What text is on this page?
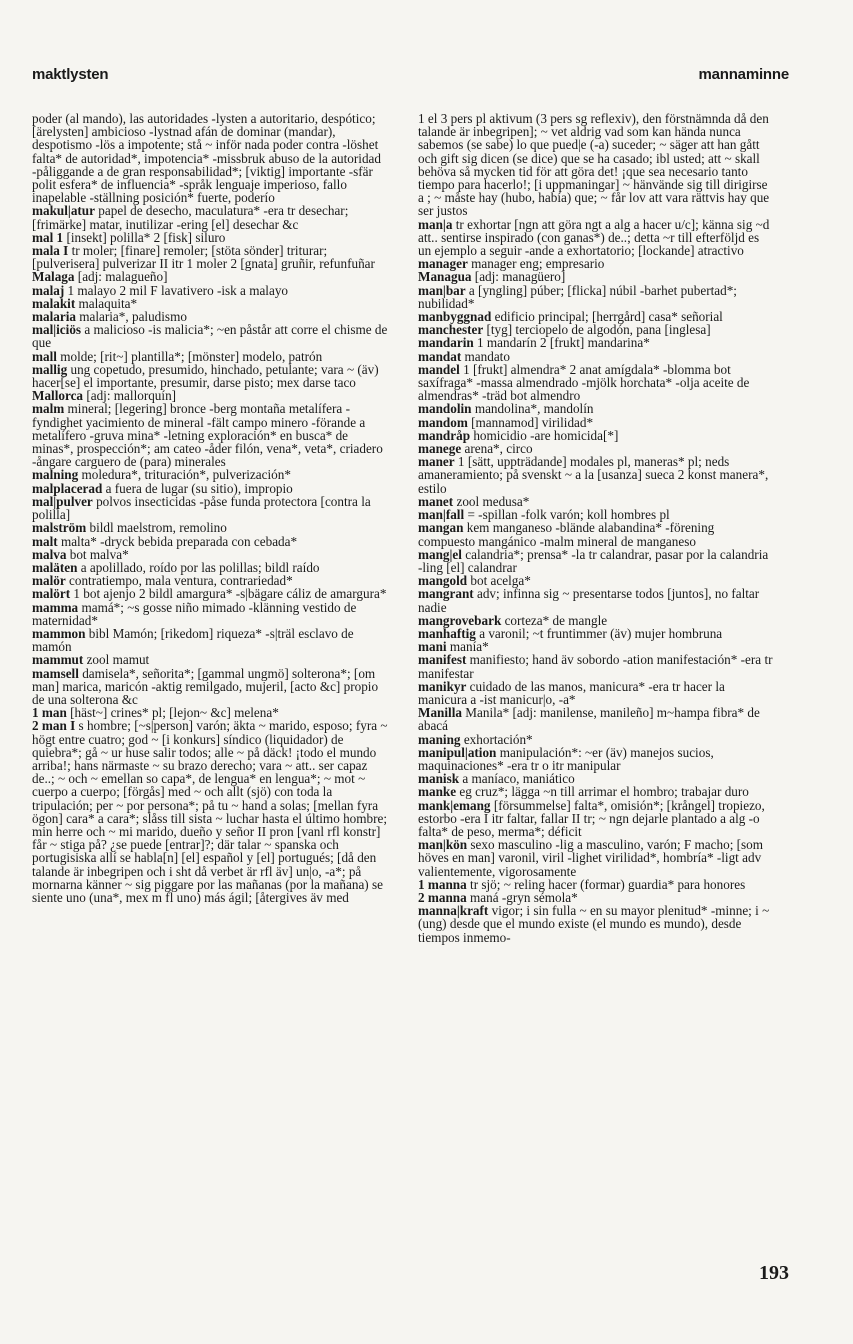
maktlysten	mannaminne

poder (al mando), las autoridades -lysten a autoritario, despótico; [ärelysten] ambicioso -lystnad afán de dominar (mandar), despotismo -lös a impotente; stå ~ inför nada poder contra -löshet falta* de autoridad*, impotencia* -missbruk abuso de la autoridad -påliggande a de gran responsabilidad*; [viktig] importante -sfär polit esfera* de influencia* -språk lenguaje imperioso, fallo inapelable -ställning posición* fuerte, poderío

makul|atur papel de desecho, maculatura* -era tr desechar; [frimärke] matar, inutilizar -ering [el] desechar &c

mal 1 [insekt] polilla* 2 [fisk] siluro

mala I tr moler; [finare] remoler; [stöta sönder] triturar; [pulverisera] pulverizar II itr 1 moler 2 [gnata] gruñir, refunfuñar

Malaga [adj: malagueño]

malaj 1 malayo 2 mil F lavativero -isk a malayo

malakit malaquita*

malaria malaria*, paludismo

mal|iciös a malicioso -is malicia*; ~en påstår att corre el chisme de que

mall molde; [rit~] plantilla*; [mönster] modelo, patrón

mallig ung copetudo, presumido, hinchado, petulante; vara ~ (äv) hacer[se] el importante, presumir, darse pisto; mex darse taco

Mallorca [adj: mallorquín]

malm mineral; [legering] bronce -berg montaña metalífera -fyndighet yacimiento de mineral -fält campo minero -förande a metalífero -gruva mina* -letning exploración* en busca* de minas*, prospección*; am cateo -åder filón, vena*, veta*, criadero -ångare carguero de (para) minerales

malning moledura*, trituración*, pulverización*

malplacerad a fuera de lugar (su sitio), impropio

mal|pulver polvos insecticidas -påse funda protectora [contra la polilla]

malström bildl maelstrom, remolino

malt malta* -dryck bebida preparada con cebada*

malva bot malva*

maläten a apolillado, roído por las polillas; bildl raído

malör contratiempo, mala ventura, contrariedad*

malört 1 bot ajenjo 2 bildl amargura* -s|bägare cáliz de amargura*

mamma mamá*; ~s gosse niño mimado -klänning vestido de maternidad*

mammon bibl Mamón; [rikedom] riqueza* -s|träl esclavo de mamón

mammut zool mamut

mamsell damisela*, señorita*; [gammal ungmö] solterona*; [om man] marica, maricón -aktig remilgado, mujeril, [acto &c] propio de una solterona &c

1 man [häst~] crines* pl; [lejon~ &c] melena*

2 man I s hombre; [~s|person] varón; äkta ~ marido, esposo; fyra ~ högt entre cuatro; god ~ [i konkurs] síndico (liquidador) de quiebra*; gå ~ ur huse salir todos; alle ~ på däck! ¡todo el mundo arriba!; hans närmaste ~ su brazo derecho; vara ~ att.. ser capaz de..; ~ och ~ emellan so capa*, de lengua* en lengua*; ~ mot ~ cuerpo a cuerpo; [förgås] med ~ och allt (sjö) con toda la tripulación; per ~ por persona*; på tu ~ hand a solas; [mellan fyra ögon] cara* a cara*; slåss till sista ~ luchar hasta el último hombre; min herre och ~ mi marido, dueño y señor II pron [vanl rfl konstr] får ~ stiga på? ¿se puede [entrar]?; där talar ~ spanska och portugisiska allí se habla[n] [el] español y [el] portugués; [då den talande är inbegripen och i sht då verbet är rfl äv] un|o, -a*; på mornarna känner ~ sig piggare por las mañanas (por la mañana) se siente uno (una*, mex m fl uno) más ágil; [återgives äv med

1 el 3 pers pl aktivum (3 pers sg reflexiv), den förstnämnda då den talande är inbegripen]; ~ vet aldrig vad som kan hända nunca sabemos (se sabe) lo que pued|e (-a) suceder; ~ säger att han gått och gift sig dicen (se dice) que se ha casado; ibl usted; att ~ skall behöva så mycken tid för att göra det! ¡que sea necesario tanto tiempo para hacerlo!; [i uppmaningar] ~ hänvände sig till dirigirse a ; ~ måste hay (hubo, había) que; ~ får lov att vara rättvis hay que ser justos

man|a tr exhortar [ngn att göra ngt a alg a hacer u/c]; känna sig ~d att.. sentirse inspirado (con ganas*) de..; detta ~r till efterföljd es un ejemplo a seguir -ande a exhortatorio; [lockande] atractivo

manager manager eng; empresario

Managua [adj: managüero]

man|bar a [yngling] púber; [flicka] núbil -barhet pubertad*; nubilidad*

manbyggnad edificio principal; [herrgård] casa* señorial

manchester [tyg] terciopelo de algodón, pana [inglesa]

mandarin 1 mandarín 2 [frukt] mandarina*

mandat mandato

mandel 1 [frukt] almendra* 2 anat amígdala* -blomma bot saxífraga* -massa almendrado -mjölk horchata* -olja aceite de almendras* -träd bot almendro

mandolin mandolina*, mandolín

mandom [mannamod] virilidad*

mandråp homicidio -are homicida[*]

manege arena*, circo

maner 1 [sätt, uppträdande] modales pl, maneras* pl; neds amaneramiento; på svenskt ~ a la [usanza] sueca 2 konst manera*, estilo

manet zool medusa*

man|fall = -spillan -folk varón; koll hombres pl

mangan kem manganeso -blände alabandina* -förening compuesto mangánico -malm mineral de manganeso

mang|el calandria*; prensa* -la tr calandrar, pasar por la calandria -ling [el] calandrar

mangold bot acelga*

mangrant adv; infinna sig ~ presentarse todos [juntos], no faltar nadie

mangrovebark corteza* de mangle

manhaftig a varonil; ~t fruntimmer (äv) mujer hombruna

mani manía*

manifest manifiesto; hand äv sobordo -ation manifestación* -era tr manifestar

manikyr cuidado de las manos, manicura* -era tr hacer la manicura a -ist manicur|o, -a*

Manilla Manila* [adj: manilense, manileño] m~hampa fibra* de abacá

maning exhortación*

manipul|ation manipulación*: ~er (äv) manejos sucios, maquinaciones* -era tr o itr manipular

manisk a maníaco, maniático

manke eg cruz*; lägga ~n till arrimar el hombro; trabajar duro

mank|emang [försummelse] falta*, omisión*; [krångel] tropiezo, estorbo -era I itr faltar, fallar II tr; ~ ngn dejarle plantado a alg -o falta* de peso, merma*; déficit

man|kön sexo masculino -lig a masculino, varón; F macho; [som höves en man] varonil, viril -lighet virilidad*, hombría* -ligt adv valientemente, vigorosamente

1 manna tr sjö; ~ reling hacer (formar) guardia* para honores

2 manna maná -gryn sémola*

manna|kraft vigor; i sin fulla ~ en su mayor plenitud* -minne; i ~ (ung) desde que el mundo existe (el mundo es mundo), desde tiempos inmemo-

193
